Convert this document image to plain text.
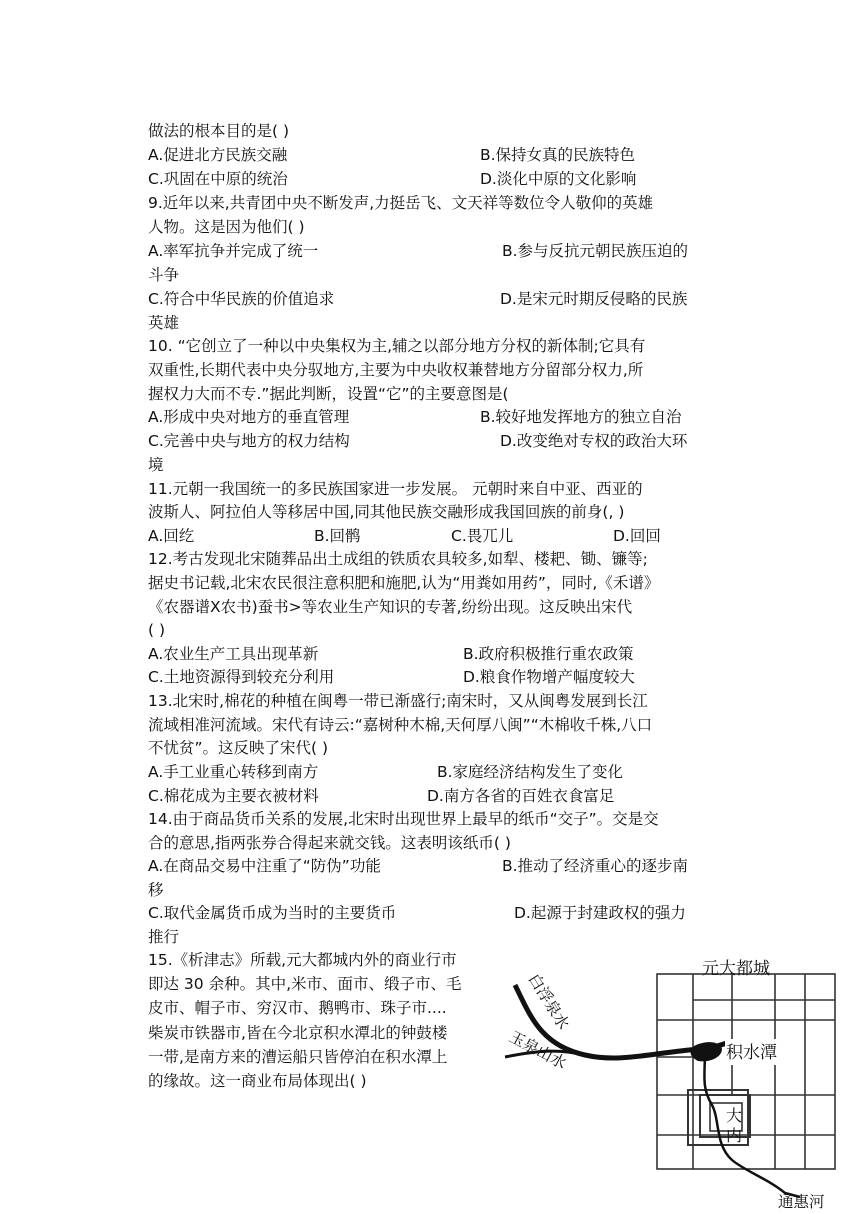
做法的根本目的是( )
A.促进北方民族交融	B.保持女真的民族特色
C.巩固在中原的统治	D.淡化中原的文化影响
9.近年以来,共青团中央不断发声,力挺岳飞、文天祥等数位令人敬仰的英雄
人物。这是因为他们( )
A.率军抗争并完成了统一	B.参与反抗元朝民族压迫的
斗争
C.符合中华民族的价值追求	D.是宋元时期反侵略的民族
英雄
10. “它创立了一种以中央集权为主,辅之以部分地方分权的新体制;它具有
双重性,长期代表中央分驭地方,主要为中央收权兼替地方分留部分权力,所
握权力大而不专.”据此判断，设置“它”的主要意图是(
A.形成中央对地方的垂直管理	B.较好地发挥地方的独立自治
C.完善中央与地方的权力结构	D.改变绝对专权的政治大环
境
11.元朝一我国统一的多民族国家进一步发展。 元朝时来自中亚、西亚的
波斯人、阿拉伯人等移居中国,同其他民族交融形成我国回族的前身(, )
A.回纥	B.回鹘	C.畏兀儿	D.回回
12.考古发现北宋随葬品出土成组的铁质农具较多,如犁、楼耙、锄、镰等;
据史书记载,北宋农民很注意积肥和施肥,认为“用粪如用药”，同时,《禾谱》
《农器谱Ⅹ农书)蚕书>等农业生产知识的专著,纷纷出现。这反映出宋代
( )
A.农业生产工具出现革新	B.政府积极推行重农政策
C.土地资源得到较充分利用	D.粮食作物增产幅度较大
13.北宋时,棉花的种植在闽粤一带已渐盛行;南宋时，又从闽粤发展到长江
流域相准河流域。宋代有诗云:“嘉树种木棉,天何厚八闽”“木棉收千株,八口
不忧贫”。这反映了宋代( )
A.手工业重心转移到南方	B.家庭经济结构发生了变化
C.棉花成为主要衣被材料	D.南方各省的百姓衣食富足
14.由于商品货币关系的发展,北宋时出现世界上最早的纸币“交子”。交是交
合的意思,指两张券合得起来就交钱。这表明该纸币( )
A.在商品交易中注重了“防伪”功能	B.推动了经济重心的逐步南
移
C.取代金属货币成为当时的主要货币	D.起源于封建政权的强力
推行
15.《析津志》所载,元大都城内外的商业行市
即达 30 余种。其中,米市、面市、缎子市、毛
皮市、帽子市、穷汉市、鹅鸭市、珠子市....
柴炭市铁器市,皆在今北京积水潭北的钟鼓楼
一带,是南方来的漕运船只皆停泊在积水潭上
的缘故。这一商业布局体现出( )
元大都城
白浮泉水
玉泉山水	积水潭
大
内
通惠河
